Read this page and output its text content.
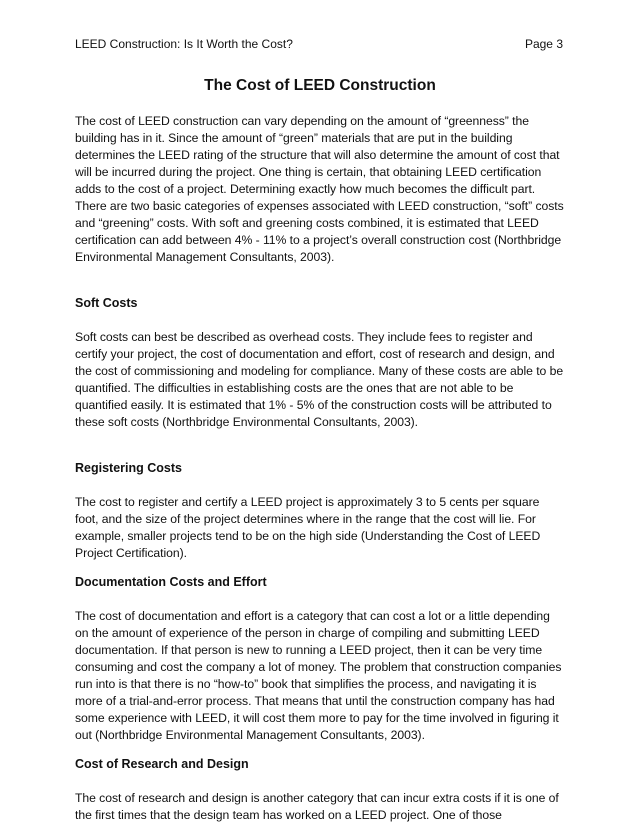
LEED Construction: Is It Worth the Cost?	Page 3
The Cost of LEED Construction

The cost of LEED construction can vary depending on the amount of “greenness” the building has in it. Since the amount of “green” materials that are put in the building determines the LEED rating of the structure that will also determine the amount of cost that will be incurred during the project. One thing is certain, that obtaining LEED certification adds to the cost of a project. Determining exactly how much becomes the difficult part. There are two basic categories of expenses associated with LEED construction, “soft” costs and “greening” costs. With soft and greening costs combined, it is estimated that LEED certification can add between 4% - 11% to a project’s overall construction cost (Northbridge Environmental Management Consultants, 2003).

Soft Costs

Soft costs can best be described as overhead costs. They include fees to register and certify your project, the cost of documentation and effort, cost of research and design, and the cost of commissioning and modeling for compliance. Many of these costs are able to be quantified. The difficulties in establishing costs are the ones that are not able to be quantified easily. It is estimated that 1% - 5% of the construction costs will be attributed to these soft costs (Northbridge Environmental Consultants, 2003).

Registering Costs

The cost to register and certify a LEED project is approximately 3 to 5 cents per square foot, and the size of the project determines where in the range that the cost will lie. For example, smaller projects tend to be on the high side (Understanding the Cost of LEED Project Certification).

Documentation Costs and Effort

The cost of documentation and effort is a category that can cost a lot or a little depending on the amount of experience of the person in charge of compiling and submitting LEED documentation. If that person is new to running a LEED project, then it can be very time consuming and cost the company a lot of money. The problem that construction companies run into is that there is no “how-to” book that simplifies the process, and navigating it is more of a trial-and-error process. That means that until the construction company has had some experience with LEED, it will cost them more to pay for the time involved in figuring it out (Northbridge Environmental Management Consultants, 2003).

Cost of Research and Design

The cost of research and design is another category that can incur extra costs if it is one of the first times that the design team has worked on a LEED project. One of those
